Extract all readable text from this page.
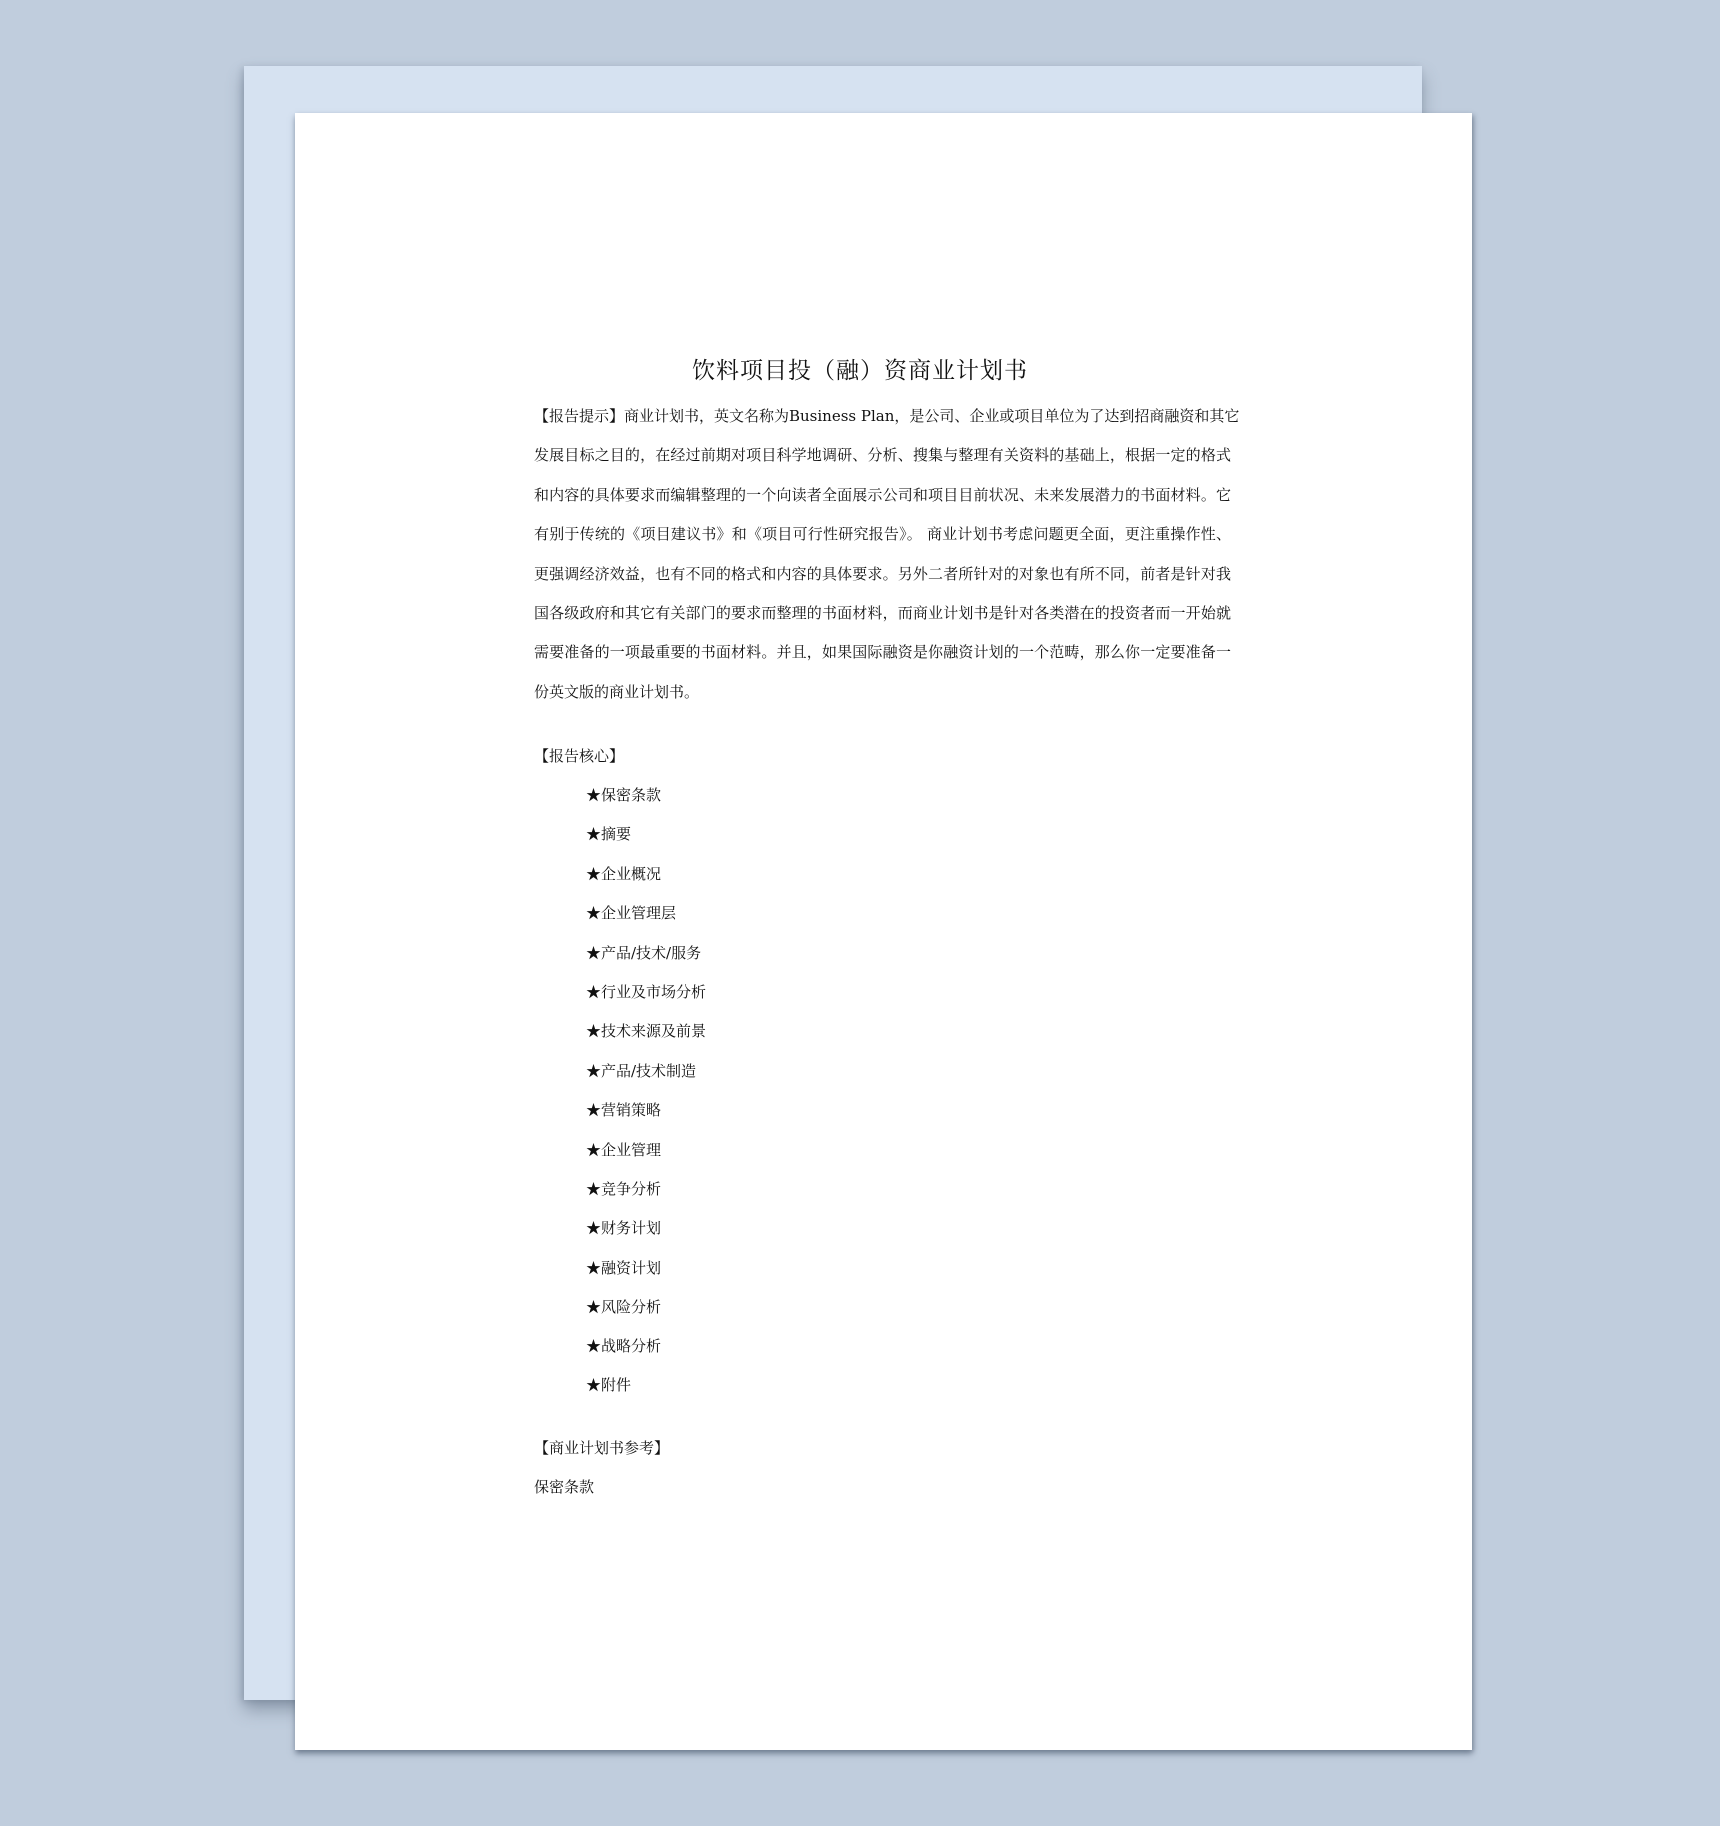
饮料项目投（融）资商业计划书
【报告提示】商业计划书，英文名称为Business Plan，是公司、企业或项目单位为了达到招商融资和其它
发展目标之目的，在经过前期对项目科学地调研、分析、搜集与整理有关资料的基础上，根据一定的格式
和内容的具体要求而编辑整理的一个向读者全面展示公司和项目目前状况、未来发展潜力的书面材料。它
有别于传统的《项目建议书》和《项目可行性研究报告》。 商业计划书考虑问题更全面，更注重操作性、
更强调经济效益，也有不同的格式和内容的具体要求。另外二者所针对的对象也有所不同，前者是针对我
国各级政府和其它有关部门的要求而整理的书面材料，而商业计划书是针对各类潜在的投资者而一开始就
需要准备的一项最重要的书面材料。并且，如果国际融资是你融资计划的一个范畴，那么你一定要准备一
份英文版的商业计划书。
【报告核心】
★保密条款
★摘要
★企业概况
★企业管理层
★产品/技术/服务
★行业及市场分析
★技术来源及前景
★产品/技术制造
★营销策略
★企业管理
★竞争分析
★财务计划
★融资计划
★风险分析
★战略分析
★附件
【商业计划书参考】
保密条款
